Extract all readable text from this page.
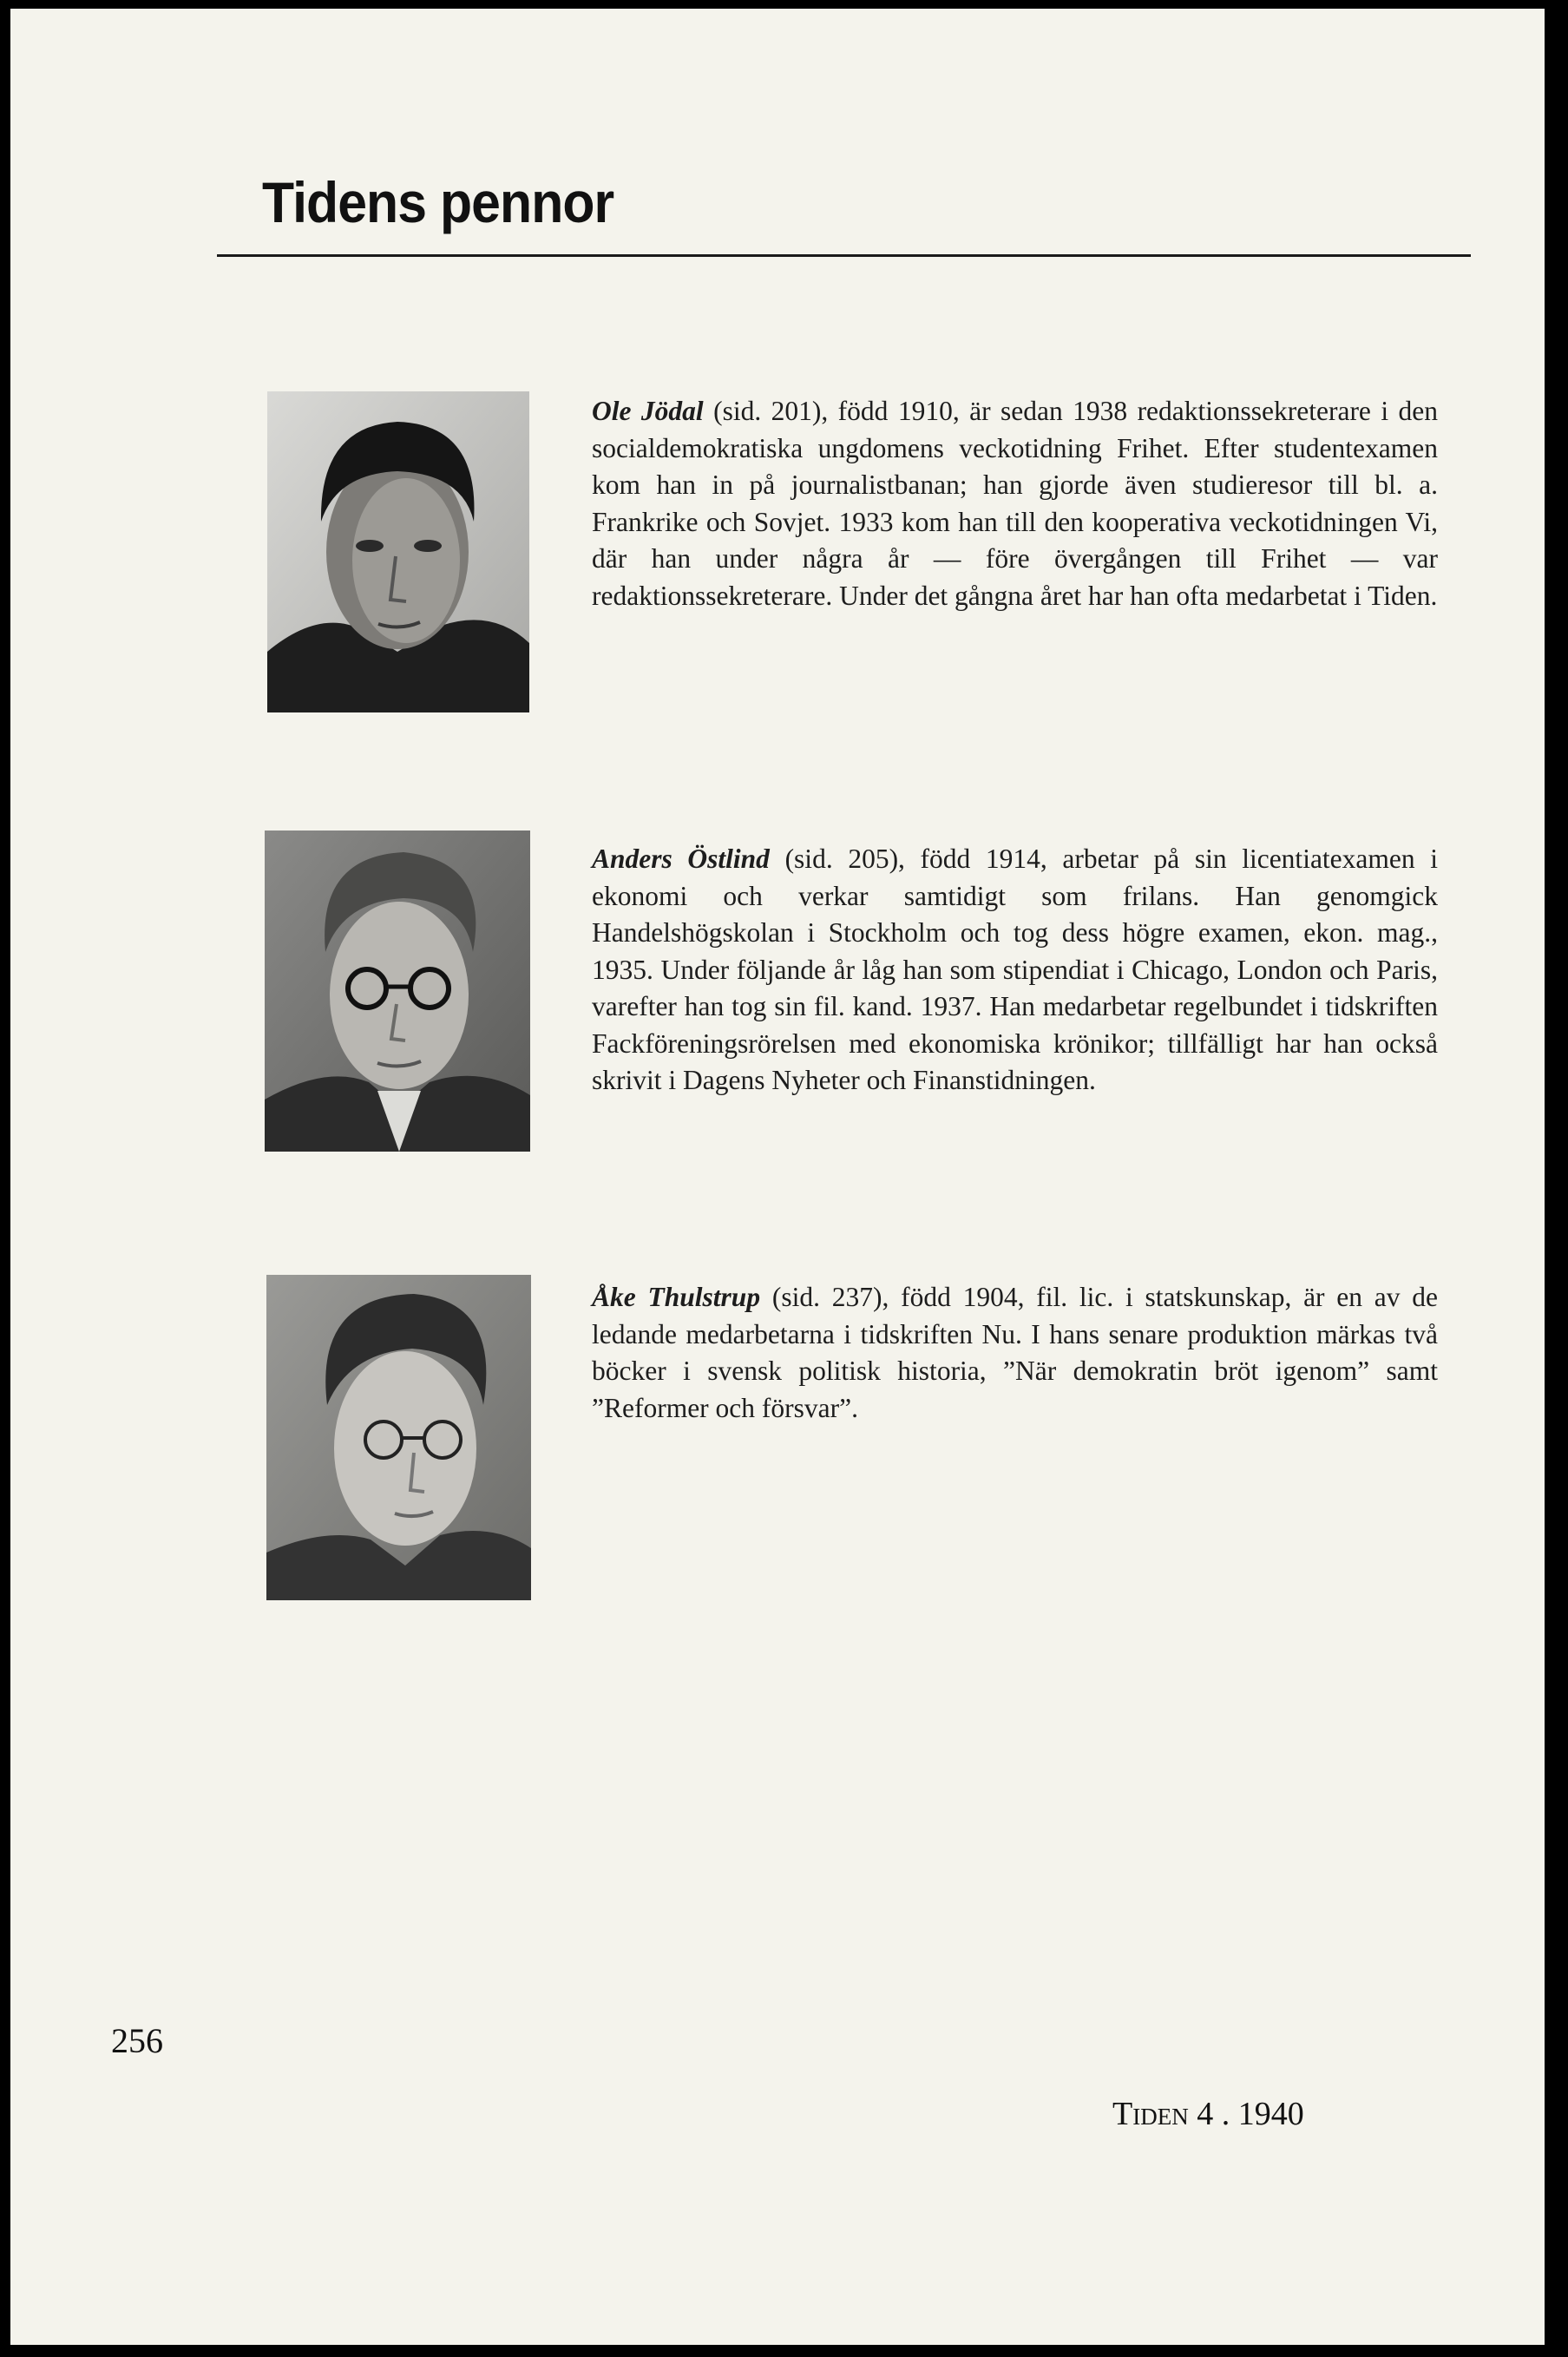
Tidens pennor

Ole Jödal (sid. 201), född 1910, är sedan 1938 redaktionssekreterare i den socialdemokratiska ungdomens veckotidning Frihet. Efter studentexamen kom han in på journalistbanan; han gjorde även studieresor till bl. a. Frankrike och Sovjet. 1933 kom han till den kooperativa veckotidningen Vi, där han under några år — före övergången till Frihet — var redaktionssekreterare. Under det gångna året har han ofta medarbetat i Tiden.

Anders Östlind (sid. 205), född 1914, arbetar på sin licentiatexamen i ekonomi och verkar samtidigt som frilans. Han genomgick Handelshögskolan i Stockholm och tog dess högre examen, ekon. mag., 1935. Under följande år låg han som stipendiat i Chicago, London och Paris, varefter han tog sin fil. kand. 1937. Han medarbetar regelbundet i tidskriften Fackföreningsrörelsen med ekonomiska krönikor; tillfälligt har han också skrivit i Dagens Nyheter och Finanstidningen.

Åke Thulstrup (sid. 237), född 1904, fil. lic. i statskunskap, är en av de ledande medarbetarna i tidskriften Nu. I hans senare produktion märkas två böcker i svensk politisk historia, ”När demokratin bröt igenom” samt ”Reformer och försvar”.

256
Tiden 4 . 1940
